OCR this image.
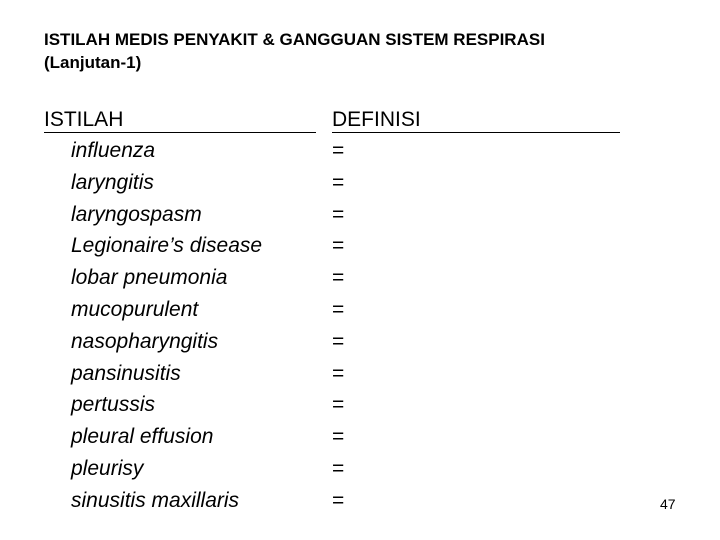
ISTILAH MEDIS PENYAKIT & GANGGUAN SISTEM RESPIRASI
(Lanjutan-1)
ISTILAH	DEFINISI
influenza
laryngitis
laryngospasm
Legionaire’s disease
lobar pneumonia
mucopurulent
nasopharyngitis
pansinusitis
pertussis
pleural effusion
pleurisy
sinusitis maxillaris
=
=
=
=
=
=
=
=
=
=
=
=	47
